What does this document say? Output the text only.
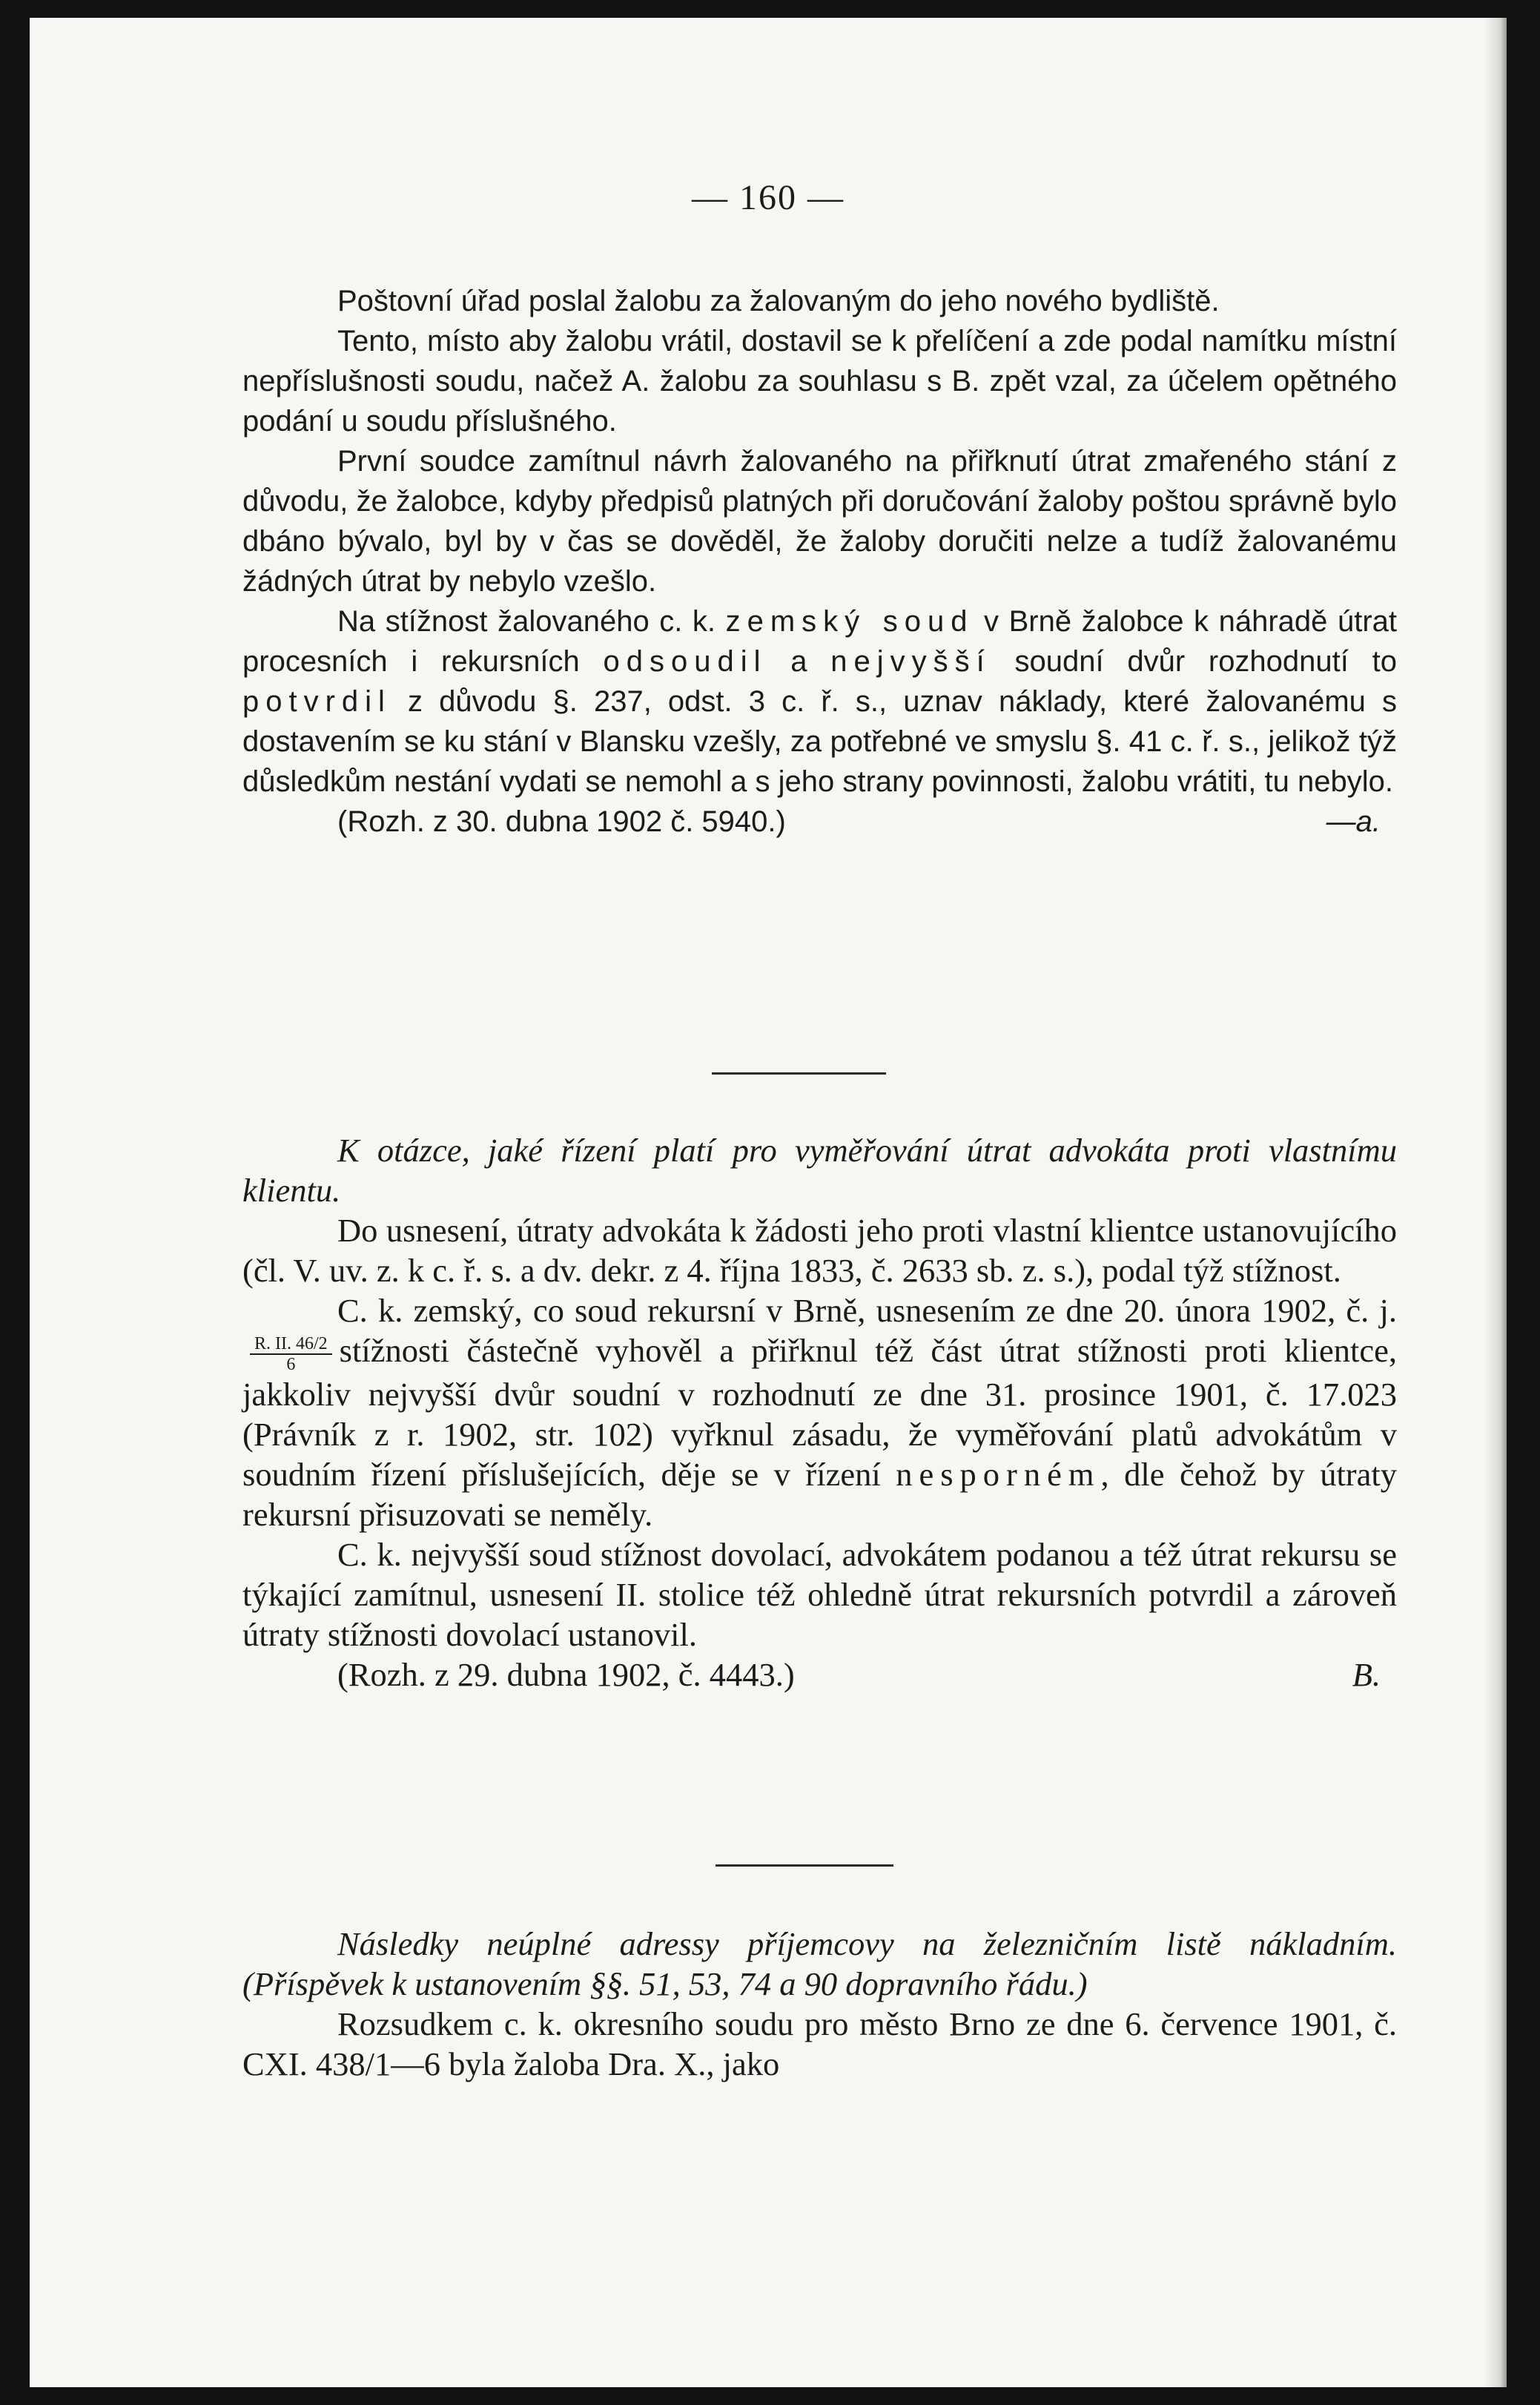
— 160 —

Poštovní úřad poslal žalobu za žalovaným do jeho nového bydliště.

Tento, místo aby žalobu vrátil, dostavil se k přelíčení a zde podal namítku místní nepříslušnosti soudu, načež A. žalobu za souhlasu s B. zpět vzal, za účelem opětného podání u soudu příslušného.

První soudce zamítnul návrh žalovaného na přiřknutí útrat zmařeného stání z důvodu, že žalobce, kdyby předpisů platných při doručování žaloby poštou správně bylo dbáno bývalo, byl by v čas se dověděl, že žaloby doručiti nelze a tudíž žalovanému žádných útrat by nebylo vzešlo.

Na stížnost žalovaného c. k. zemský soud v Brně žalobce k náhradě útrat procesních i rekursních odsoudil a nejvyšší soudní dvůr rozhodnutí to potvrdil z důvodu §. 237, odst. 3 c. ř. s., uznav náklady, které žalovanému s dostavením se ku stání v Blansku vzešly, za potřebné ve smyslu §. 41 c. ř. s., jelikož týž důsledkům nestání vydati se nemohl a s jeho strany povinnosti, žalobu vrátiti, tu nebylo.

(Rozh. z 30. dubna 1902 č. 5940.)	—a.

K otázce, jaké řízení platí pro vyměřování útrat advokáta proti vlastnímu klientu.

Do usnesení, útraty advokáta k žádosti jeho proti vlastní klientce ustanovujícího (čl. V. uv. z. k c. ř. s. a dv. dekr. z 4. října 1833, č. 2633 sb. z. s.), podal týž stížnost.

C. k. zemský, co soud rekursní v Brně, usnesením ze dne 20. února 1902, č. j.
$\frac{R. II. 46/2}{6}$ stížnosti částečně vyhověl a přiřknul též část útrat stížnosti proti klientce, jakkoliv nejvyšší dvůr soudní v rozhodnutí ze dne 31. prosince 1901, č. 17.023 (Právník z r. 1902, str. 102) vyřknul zásadu, že vyměřování platů advokátům v soudním řízení příslušejících, děje se v řízení nesporném, dle čehož by útraty rekursní přisuzovati se neměly.

C. k. nejvyšší soud stížnost dovolací, advokátem podanou a též útrat rekursu se týkající zamítnul, usnesení II. stolice též ohledně útrat rekursních potvrdil a zároveň útraty stížnosti dovolací ustanovil.

(Rozh. z 29. dubna 1902, č. 4443.)	B.

Následky neúplné adressy příjemcovy na železničním listě nákladním. (Příspěvek k ustanovením §§. 51, 53, 74 a 90 dopravního řádu.)

Rozsudkem c. k. okresního soudu pro město Brno ze dne 6. července 1901, č. CXI. 438/1—6 byla žaloba Dra. X., jako
